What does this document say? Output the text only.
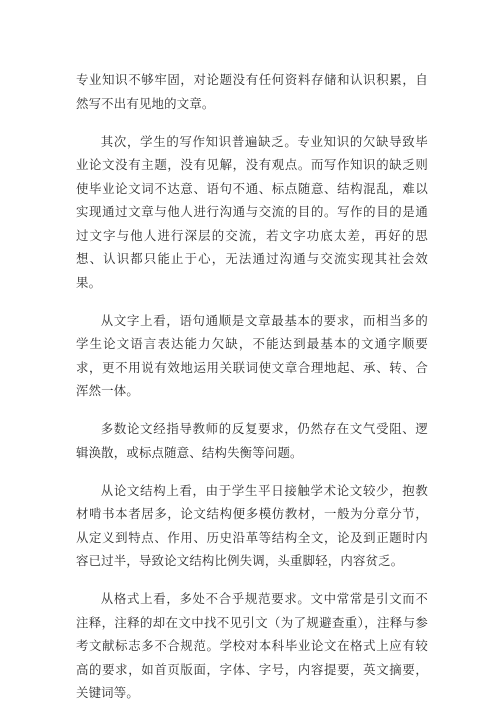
专业知识不够牢固，对论题没有任何资料存储和认识积累，自然写不出有见地的文章。

其次，学生的写作知识普遍缺乏。专业知识的欠缺导致毕业论文没有主题，没有见解，没有观点。而写作知识的缺乏则使毕业论文词不达意、语句不通、标点随意、结构混乱，难以实现通过文章与他人进行沟通与交流的目的。写作的目的是通过文字与他人进行深层的交流，若文字功底太差，再好的思想、认识都只能止于心，无法通过沟通与交流实现其社会效果。

从文字上看，语句通顺是文章最基本的要求，而相当多的学生论文语言表达能力欠缺，不能达到最基本的文通字顺要求，更不用说有效地运用关联词使文章合理地起、承、转、合浑然一体。

多数论文经指导教师的反复要求，仍然存在文气受阻、逻辑涣散，或标点随意、结构失衡等问题。

从论文结构上看，由于学生平日接触学术论文较少，抱教材啃书本者居多，论文结构便多模仿教材，一般为分章分节，从定义到特点、作用、历史沿革等结构全文，论及到正题时内容已过半，导致论文结构比例失调，头重脚轻，内容贫乏。

从格式上看，多处不合乎规范要求。文中常常是引文而不注释，注释的却在文中找不见引文（为了规避查重），注释与参考文献标志多不合规范。学校对本科毕业论文在格式上应有较高的要求，如首页版面，字体、字号，内容提要，英文摘要，关键词等。
